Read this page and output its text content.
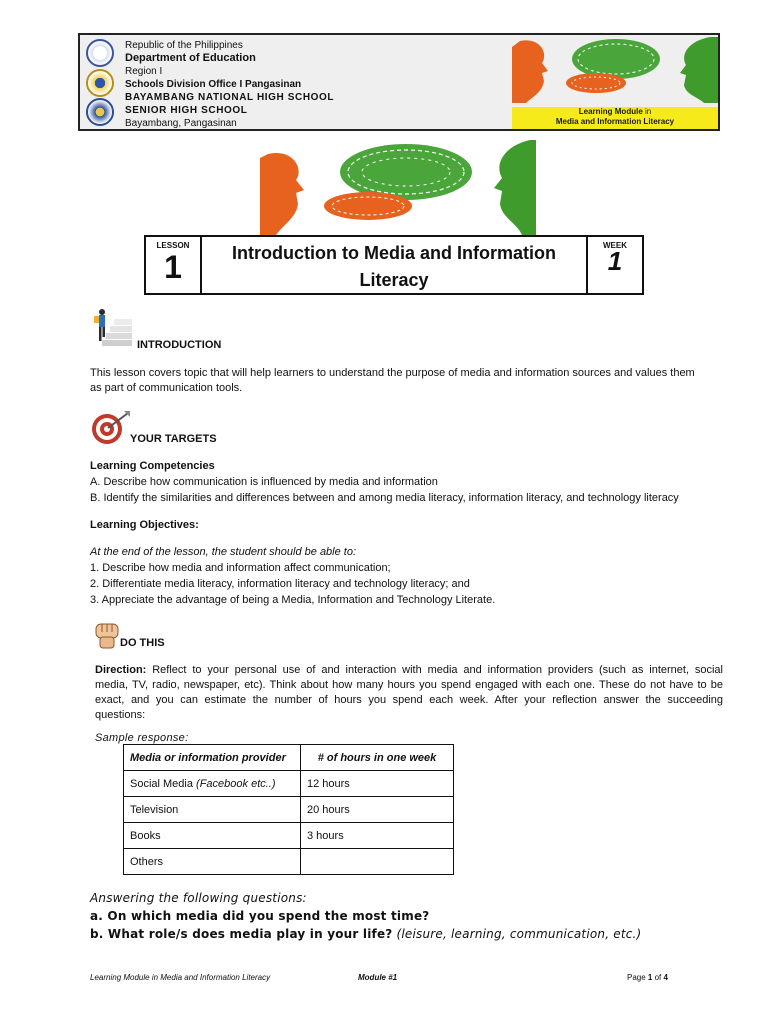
Republic of the Philippines
Department of Education
Region I
Schools Division Office I Pangasinan
BAYAMBANG NATIONAL HIGH SCHOOL
SENIOR HIGH SCHOOL
Bayambang, Pangasinan
Learning Module in
Media and Information Literacy
LESSON
1	Introduction to Media and Information
Literacy
WEEK
1
INTRODUCTION
This lesson covers topic that will help learners to understand the purpose of media and information sources and values them
as part of communication tools.
YOUR TARGETS
Learning Competencies
A. Describe how communication is influenced by media and information
B. Identify the similarities and differences between and among media literacy, information literacy, and technology literacy
Learning Objectives:
At the end of the lesson, the student should be able to:
1. Describe how media and information affect communication;
2. Differentiate media literacy, information literacy and technology literacy; and
3. Appreciate the advantage of being a Media, Information and Technology Literate.
DO THIS
Direction: Reflect to your personal use of and interaction with media and information providers (such as internet, social
media, TV, radio, newspaper, etc). Think about how many hours you spend engaged with each one. These do not have to be
exact, and you can estimate the number of hours you spend each week. After your reflection answer the succeeding
questions:
Sample response:
Media or information provider	# of hours in one week
Social Media (Facebook etc..)	12 hours
Television	20 hours
Books	3 hours
Others	
Answering the following questions:
a. On which media did you spend the most time?
b. What role/s does media play in your life? (leisure, learning, communication, etc.)
Learning Module in Media and Information Literacy	Module #1	Page 1 of 4
